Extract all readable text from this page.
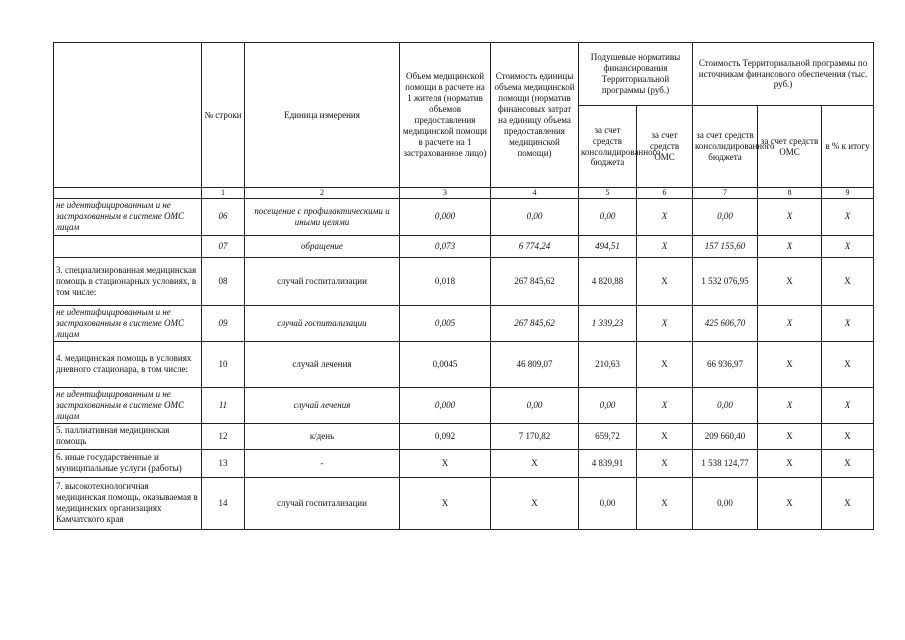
	№ строки	Единица измерения	Объем медицинской помощи в расчете на 1 жителя (норматив объемов предоставления медицинской помощи в расчете на 1 застрахованное лицо)	Стоимость единицы объема медицинской помощи (норматив финансовых затрат на единицу объема предоставления медицинской помощи)	Подушевые нормативы финансирования Территориальной программы (руб.)		Стоимость Территориальной программы по источникам финансового обеспечения (тыс. руб.)		
					за счет средств консолидированного бюджета	за счет средств ОМС	за счет средств консолидированного бюджета	за счет средств ОМС	в % к итогу
	1	2	3	4	5	6	7	8	9
не идентифицированным и не застрахованным в системе ОМС лицам	06	посещение с профилактическими и иными целями	0,000	0,00	0,00	Х	0,00	Х	Х
	07	обращение	0,073	6 774,24	494,51	Х	157 155,60	Х	Х
3. специализированная медицинская помощь в стационарных условиях, в том числе:	08	случай госпитализации	0,018	267 845,62	4 820,88	Х	1 532 076,95	Х	Х
не идентифицированным и не застрахованным в системе ОМС лицам	09	случай госпитализации	0,005	267 845,62	1 339,23	Х	425 606,70	Х	Х
4. медицинская помощь в условиях дневного стационара, в том числе:	10	случай лечения	0,0045	46 809,07	210,63	Х	66 936,97	Х	Х
не идентифицированным и не застрахованным в системе ОМС лицам	11	случай лечения	0,000	0,00	0,00	Х	0,00	Х	Х
5. паллиативная медицинская помощь	12	к/день	0,092	7 170,82	659,72	Х	209 660,40	Х	Х
6. иные государственные и муниципальные услуги (работы)	13	-	Х	Х	4 839,91	Х	1 538 124,77	Х	Х
7. высокотехнологичная медицинская помощь, оказываемая в медицинских организациях Камчатского края	14	случай госпитализации	Х	Х	0,00	Х	0,00	Х	Х
